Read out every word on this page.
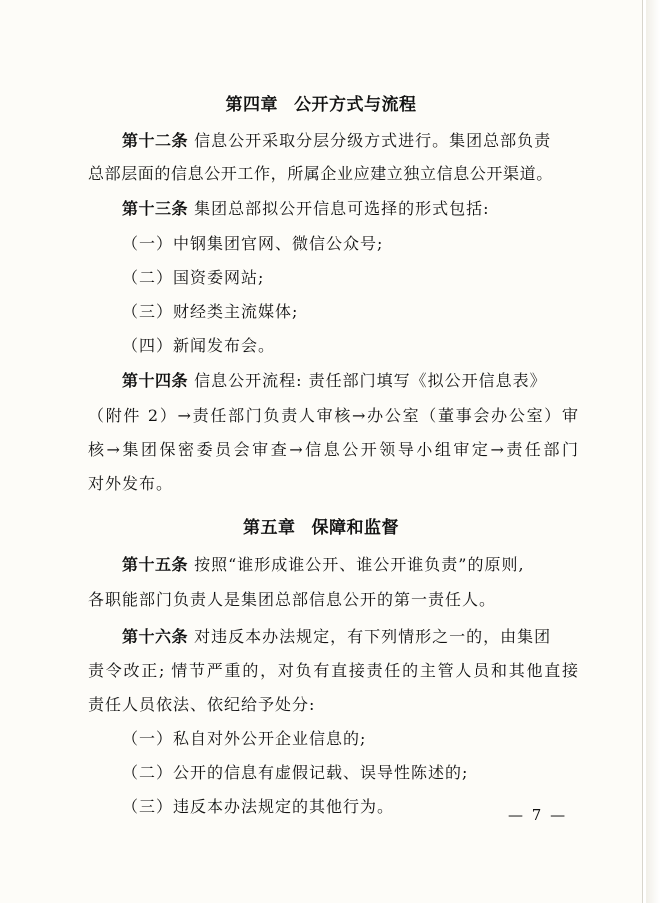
第四章 公开方式与流程
第十二条 信息公开采取分层分级方式进行。集团总部负责
总部层面的信息公开工作，所属企业应建立独立信息公开渠道。
第十三条 集团总部拟公开信息可选择的形式包括:
（一）中钢集团官网、微信公众号;
（二）国资委网站;
（三）财经类主流媒体;
（四）新闻发布会。
第十四条 信息公开流程: 责任部门填写《拟公开信息表》
（附件 2）→责任部门负责人审核→办公室（董事会办公室）审
核→集团保密委员会审查→信息公开领导小组审定→责任部门
对外发布。
第五章 保障和监督
第十五条 按照“谁形成谁公开、谁公开谁负责”的原则,
各职能部门负责人是集团总部信息公开的第一责任人。
第十六条 对违反本办法规定，有下列情形之一的，由集团
责令改正; 情节严重的，对负有直接责任的主管人员和其他直接
责任人员依法、依纪给予处分:
（一）私自对外公开企业信息的;
（二）公开的信息有虚假记载、误导性陈述的;
（三）违反本办法规定的其他行为。	— 7 —
